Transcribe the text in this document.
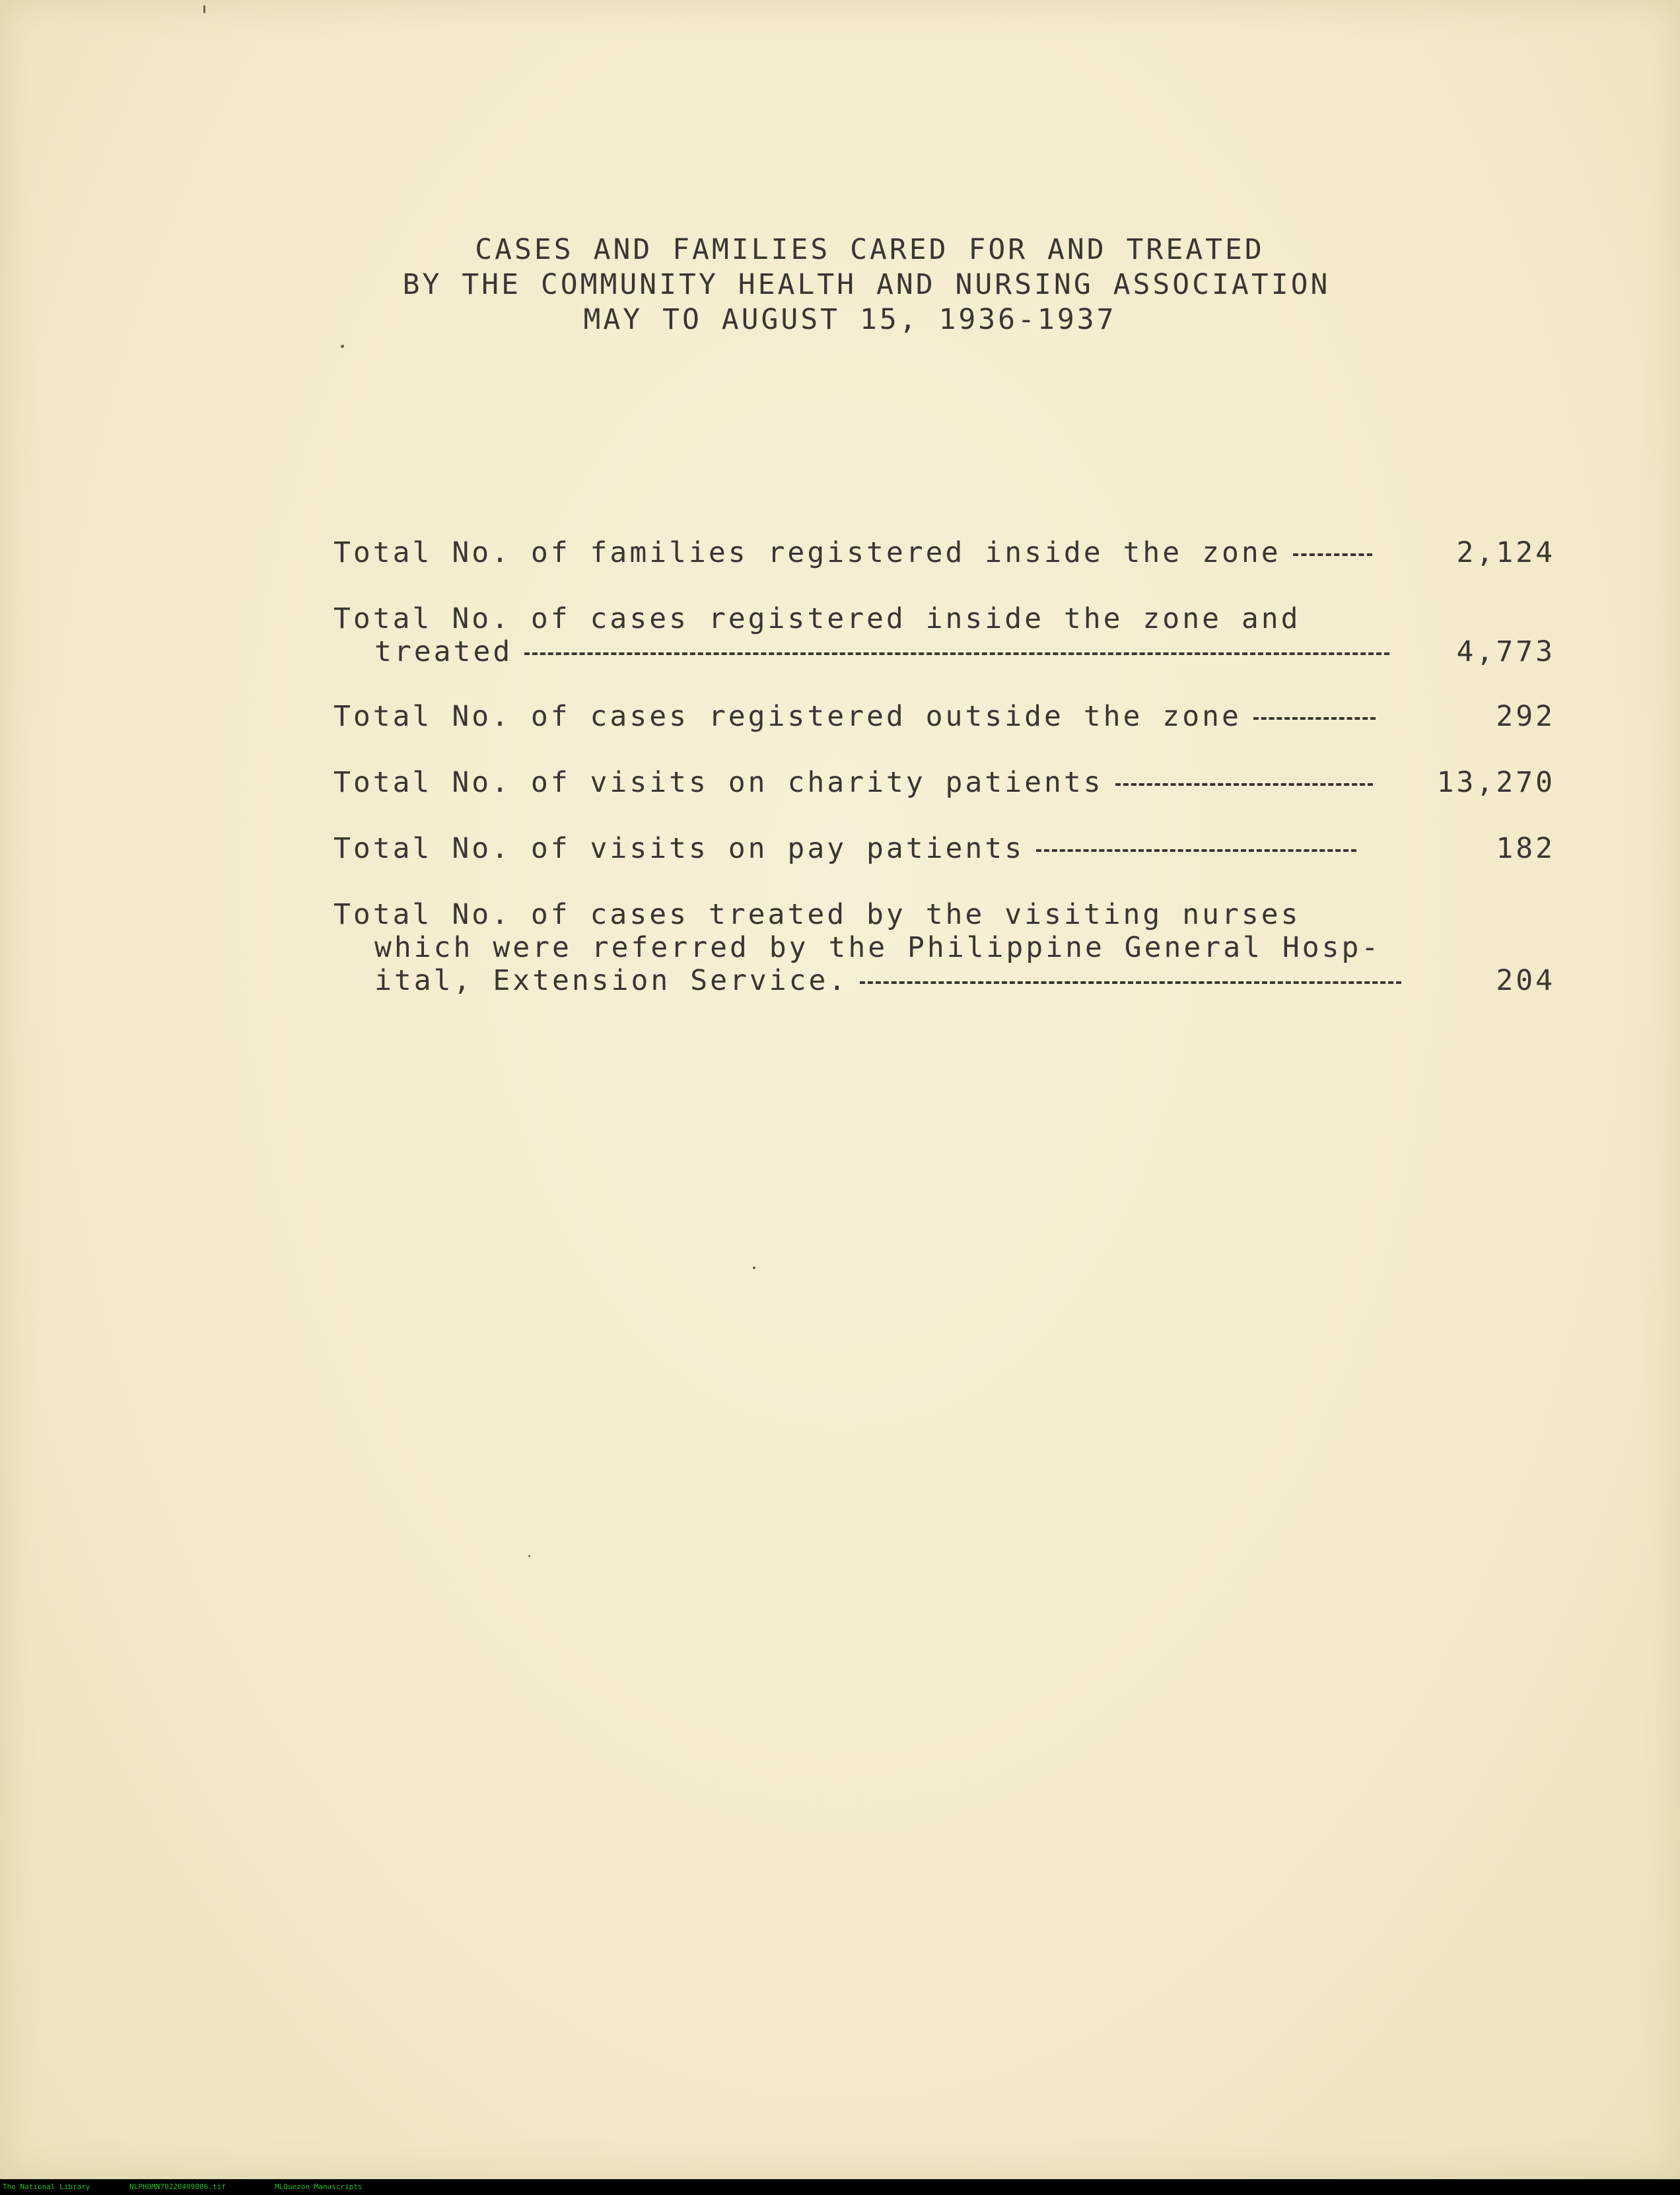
CASES AND FAMILIES CARED FOR AND TREATED
BY THE COMMUNITY HEALTH AND NURSING ASSOCIATION
MAY TO AUGUST 15, 1936-1937
Total No. of families registered inside the zone	2,124
Total No. of cases registered inside the zone and
treated	4,773
Total No. of cases registered outside the zone	292
Total No. of visits on charity patients	13,270
Total No. of visits on pay patients	182
Total No. of cases treated by the visiting nurses
which were referred by the Philippine General Hosp-
ital, Extension Service.	204
The National Library	NLPHOMN70220409006.tif	MLQuezon Manuscripts
